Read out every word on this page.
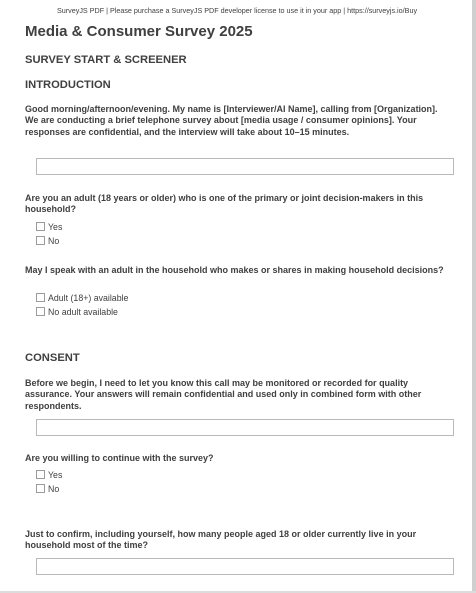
SurveyJS PDF | Please purchase a SurveyJS PDF developer license to use it in your app | https://surveyjs.io/Buy
Media & Consumer Survey 2025
SURVEY START & SCREENER
INTRODUCTION
Good morning/afternoon/evening. My name is [Interviewer/AI Name], calling from [Organization]. We are conducting a brief telephone survey about [media usage / consumer opinions]. Your responses are confidential, and the interview will take about 10–15 minutes.
Are you an adult (18 years or older) who is one of the primary or joint decision-makers in this household?
Yes
No
May I speak with an adult in the household who makes or shares in making household decisions?
Adult (18+) available
No adult available
CONSENT
Before we begin, I need to let you know this call may be monitored or recorded for quality assurance. Your answers will remain confidential and used only in combined form with other respondents.
Are you willing to continue with the survey?
Yes
No
Just to confirm, including yourself, how many people aged 18 or older currently live in your household most of the time?
